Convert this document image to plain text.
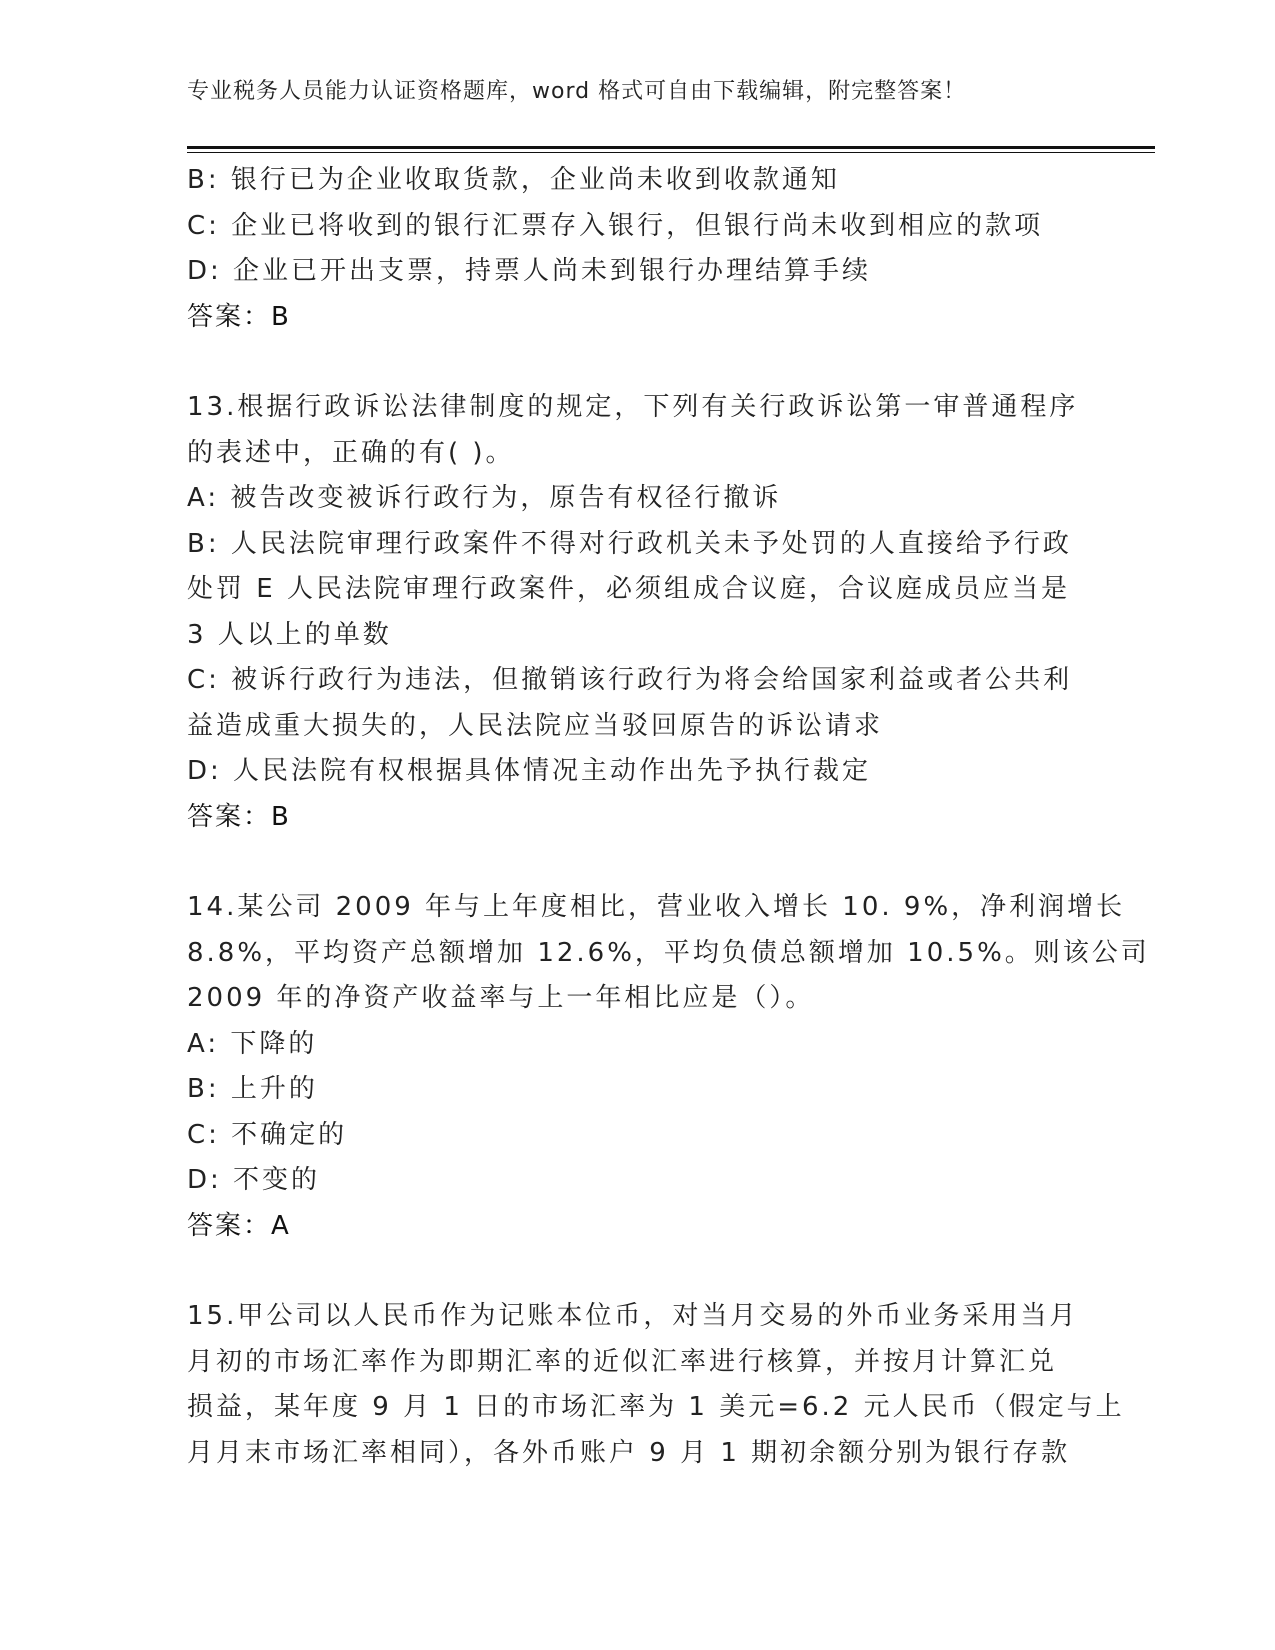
专业税务人员能力认证资格题库，word 格式可自由下载编辑，附完整答案！
B: 银行已为企业收取货款，企业尚未收到收款通知
C: 企业已将收到的银行汇票存入银行，但银行尚未收到相应的款项
D: 企业已开出支票，持票人尚未到银行办理结算手续
答案：B
13.根据行政诉讼法律制度的规定，下列有关行政诉讼第一审普通程序
的表述中，正确的有( )。
A: 被告改变被诉行政行为，原告有权径行撤诉
B: 人民法院审理行政案件不得对行政机关未予处罚的人直接给予行政
处罚 E 人民法院审理行政案件，必须组成合议庭，合议庭成员应当是
3 人以上的单数
C: 被诉行政行为违法，但撤销该行政行为将会给国家利益或者公共利
益造成重大损失的，人民法院应当驳回原告的诉讼请求
D: 人民法院有权根据具体情况主动作出先予执行裁定
答案：B
14.某公司 2009 年与上年度相比，营业收入增长 10. 9%，净利润增长
8.8%，平均资产总额增加 12.6%，平均负债总额增加 10.5%。则该公司
2009 年的净资产收益率与上一年相比应是（）。
A: 下降的
B: 上升的
C: 不确定的
D: 不变的
答案：A
15.甲公司以人民币作为记账本位币，对当月交易的外币业务采用当月
月初的市场汇率作为即期汇率的近似汇率进行核算，并按月计算汇兑
损益，某年度 9 月 1 日的市场汇率为 1 美元=6.2 元人民币（假定与上
月月末市场汇率相同），各外币账户 9 月 1 期初余额分别为银行存款
